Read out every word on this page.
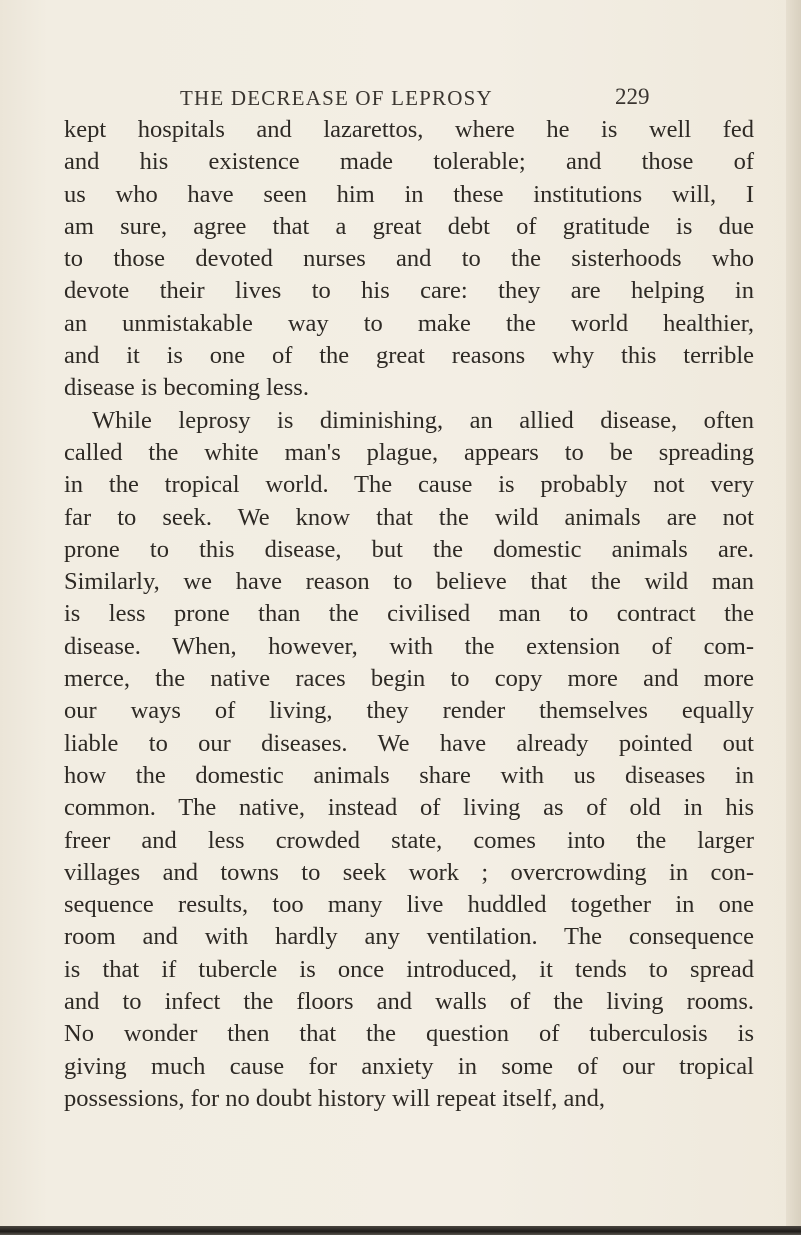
THE DECREASE OF LEPROSY	229
kept hospitals and lazarettos, where he is well fed
and his existence made tolerable; and those of
us who have seen him in these institutions will, I
am sure, agree that a great debt of gratitude is due
to those devoted nurses and to the sisterhoods who
devote their lives to his care: they are helping in
an unmistakable way to make the world healthier,
and it is one of the great reasons why this terrible
disease is becoming less.
While leprosy is diminishing, an allied disease, often
called the white man's plague, appears to be spreading
in the tropical world. The cause is probably not very
far to seek. We know that the wild animals are not
prone to this disease, but the domestic animals are.
Similarly, we have reason to believe that the wild man
is less prone than the civilised man to contract the
disease. When, however, with the extension of com-
merce, the native races begin to copy more and more
our ways of living, they render themselves equally
liable to our diseases. We have already pointed out
how the domestic animals share with us diseases in
common. The native, instead of living as of old in his
freer and less crowded state, comes into the larger
villages and towns to seek work ; overcrowding in con-
sequence results, too many live huddled together in one
room and with hardly any ventilation. The consequence
is that if tubercle is once introduced, it tends to spread
and to infect the floors and walls of the living rooms.
No wonder then that the question of tuberculosis is
giving much cause for anxiety in some of our tropical
possessions, for no doubt history will repeat itself, and,
